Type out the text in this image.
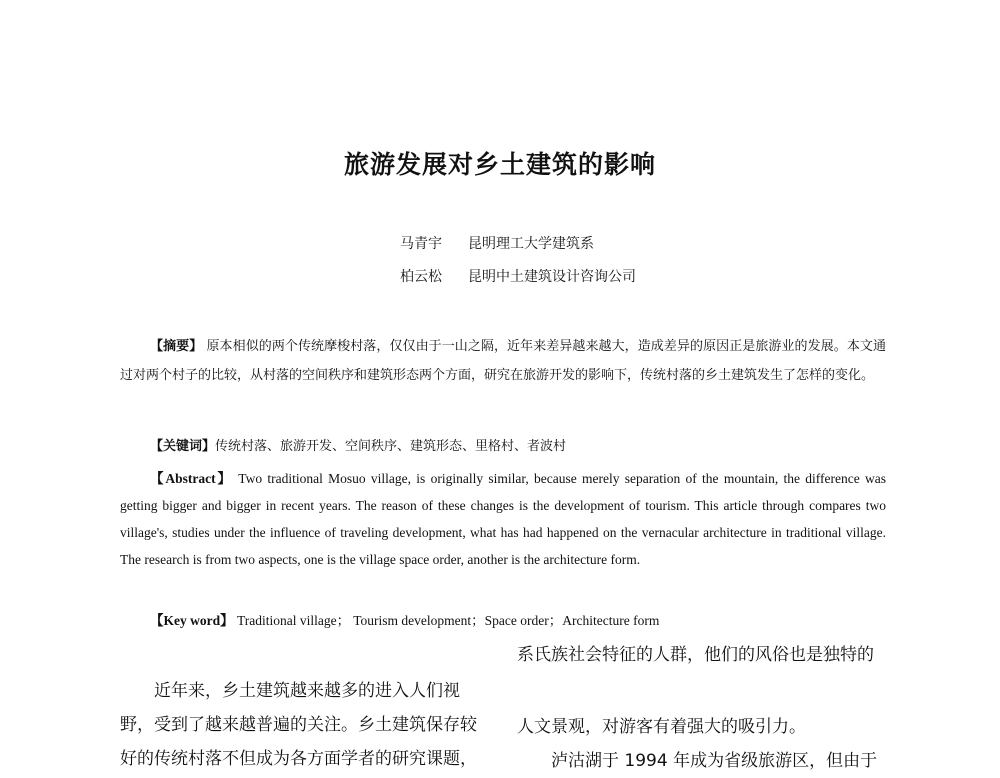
旅游发展对乡土建筑的影响
马青宇 昆明理工大学建筑系
柏云松 昆明中土建筑设计咨询公司
【摘要】 原本相似的两个传统摩梭村落，仅仅由于一山之隔，近年来差异越来越大，造成差异的原因正是旅游业的发展。本文通过对两个村子的比较，从村落的空间秩序和建筑形态两个方面，研究在旅游开发的影响下，传统村落的乡土建筑发生了怎样的变化。
【关键词】传统村落、旅游开发、空间秩序、建筑形态、里格村、者波村
【Abstract】 Two traditional Mosuo village, is originally similar, because merely separation of the mountain, the difference was getting bigger and bigger in recent years. The reason of these changes is the development of tourism. This article through compares two village's, studies under the influence of traveling development, what has had happened on the vernacular architecture in traditional village. The research is from two aspects, one is the village space order, another is the architecture form.
【Key word】 Traditional village； Tourism development；Space order；Architecture form

近年来，乡土建筑越来越多的进入人们视

野，受到了越来越普遍的关注。乡土建筑保存较

好的传统村落不但成为各方面学者的研究课题，

系氏族社会特征的人群，他们的风俗也是独特的

人文景观，对游客有着强大的吸引力。

泸沽湖于 1994 年成为省级旅游区，但由于
